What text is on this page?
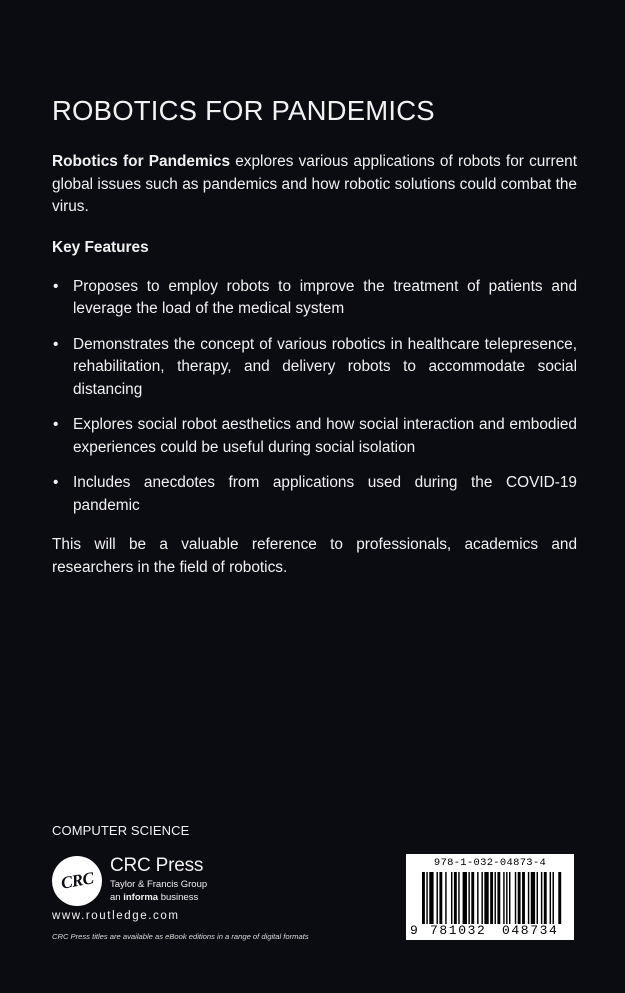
ROBOTICS FOR PANDEMICS

Robotics for Pandemics explores various applications of robots for current global issues such as pandemics and how robotic solutions could combat the virus.

Key Features

• Proposes to employ robots to improve the treatment of patients and leverage the load of the medical system
• Demonstrates the concept of various robotics in healthcare telepresence, rehabilitation, therapy, and delivery robots to accommodate social distancing
• Explores social robot aesthetics and how social interaction and embodied experiences could be useful during social isolation
• Includes anecdotes from applications used during the COVID-19 pandemic

This will be a valuable reference to professionals, academics and researchers in the field of robotics.

COMPUTER SCIENCE
CRC
CRC Press
Taylor & Francis Group
an informa business
www.routledge.com
CRC Press titles are available as eBook editions in a range of digital formats
978-1-032-04873-4
9 781032 048734
